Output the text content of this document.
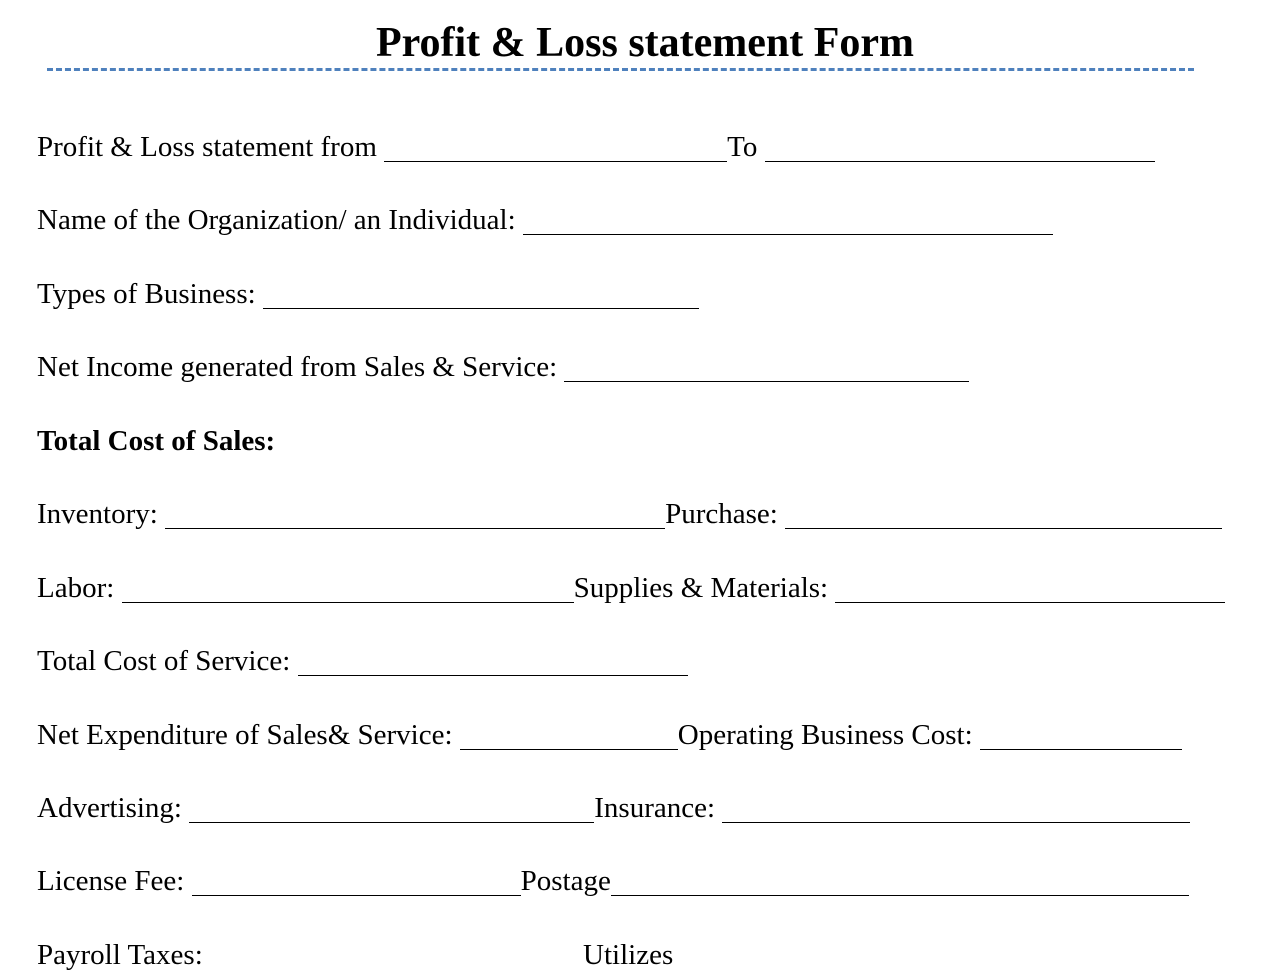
Profit & Loss statement Form
Profit & Loss statement from	To
Name of the Organization/ an Individual:
Types of Business:
Net Income generated from Sales & Service:
Total Cost of Sales:
Inventory:	Purchase:
Labor:	Supplies & Materials:
Total Cost of Service:
Net Expenditure of Sales& Service:	Operating Business Cost:
Advertising:	Insurance:
License Fee:	Postage
Payroll Taxes:	Utilizes
